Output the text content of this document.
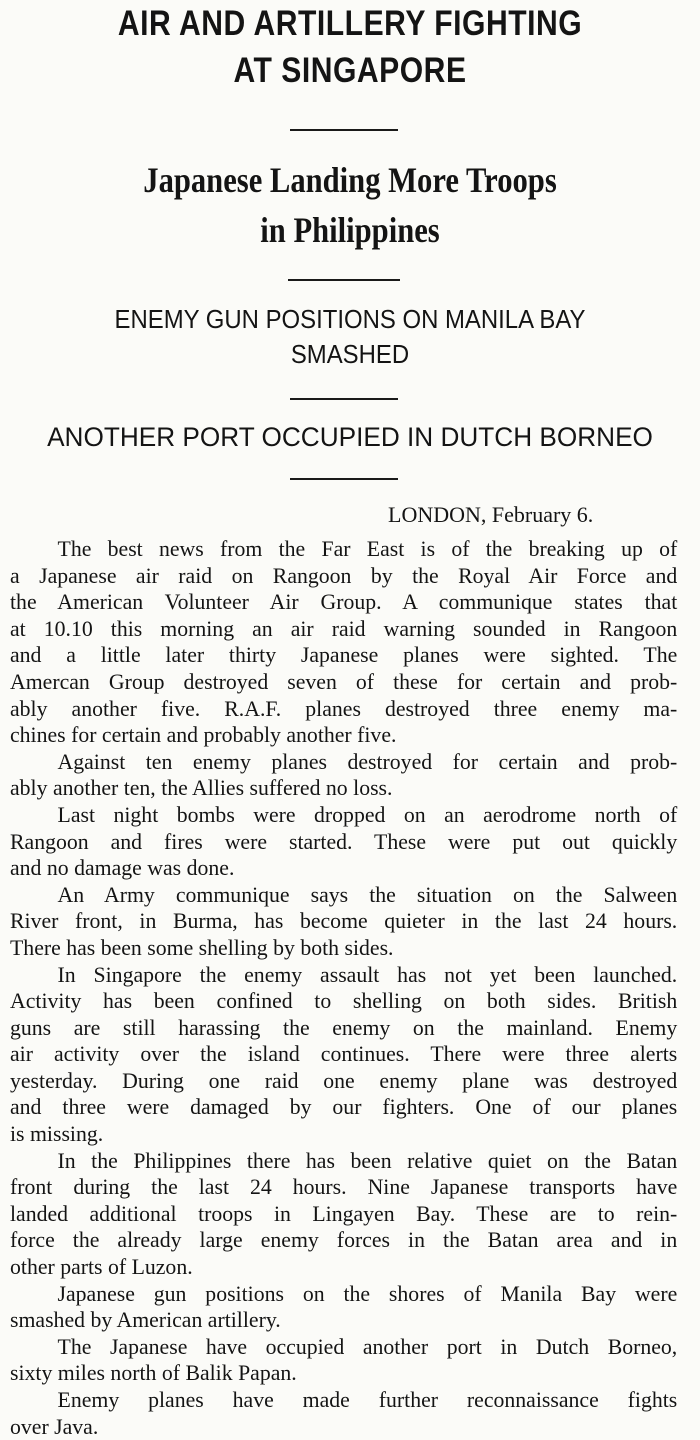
AIR AND ARTILLERY FIGHTING
AT SINGAPORE
Japanese Landing More Troops
in Philippines
ENEMY GUN POSITIONS ON MANILA BAY
SMASHED
ANOTHER PORT OCCUPIED IN DUTCH BORNEO
LONDON, February 6.
The best news from the Far East is of the breaking up of
a Japanese air raid on Rangoon by the Royal Air Force and
the American Volunteer Air Group. A communique states that
at 10.10 this morning an air raid warning sounded in Rangoon
and a little later thirty Japanese planes were sighted. The
Amercan Group destroyed seven of these for certain and prob-
ably another five. R.A.F. planes destroyed three enemy ma-
chines for certain and probably another five.
Against ten enemy planes destroyed for certain and prob-
ably another ten, the Allies suffered no loss.
Last night bombs were dropped on an aerodrome north of
Rangoon and fires were started. These were put out quickly
and no damage was done.
An Army communique says the situation on the Salween
River front, in Burma, has become quieter in the last 24 hours.
There has been some shelling by both sides.
In Singapore the enemy assault has not yet been launched.
Activity has been confined to shelling on both sides. British
guns are still harassing the enemy on the mainland. Enemy
air activity over the island continues. There were three alerts
yesterday. During one raid one enemy plane was destroyed
and three were damaged by our fighters. One of our planes
is missing.
In the Philippines there has been relative quiet on the Batan
front during the last 24 hours. Nine Japanese transports have
landed additional troops in Lingayen Bay. These are to rein-
force the already large enemy forces in the Batan area and in
other parts of Luzon.
Japanese gun positions on the shores of Manila Bay were
smashed by American artillery.
The Japanese have occupied another port in Dutch Borneo,
sixty miles north of Balik Papan.
Enemy planes have made further reconnaissance fights
over Java.
